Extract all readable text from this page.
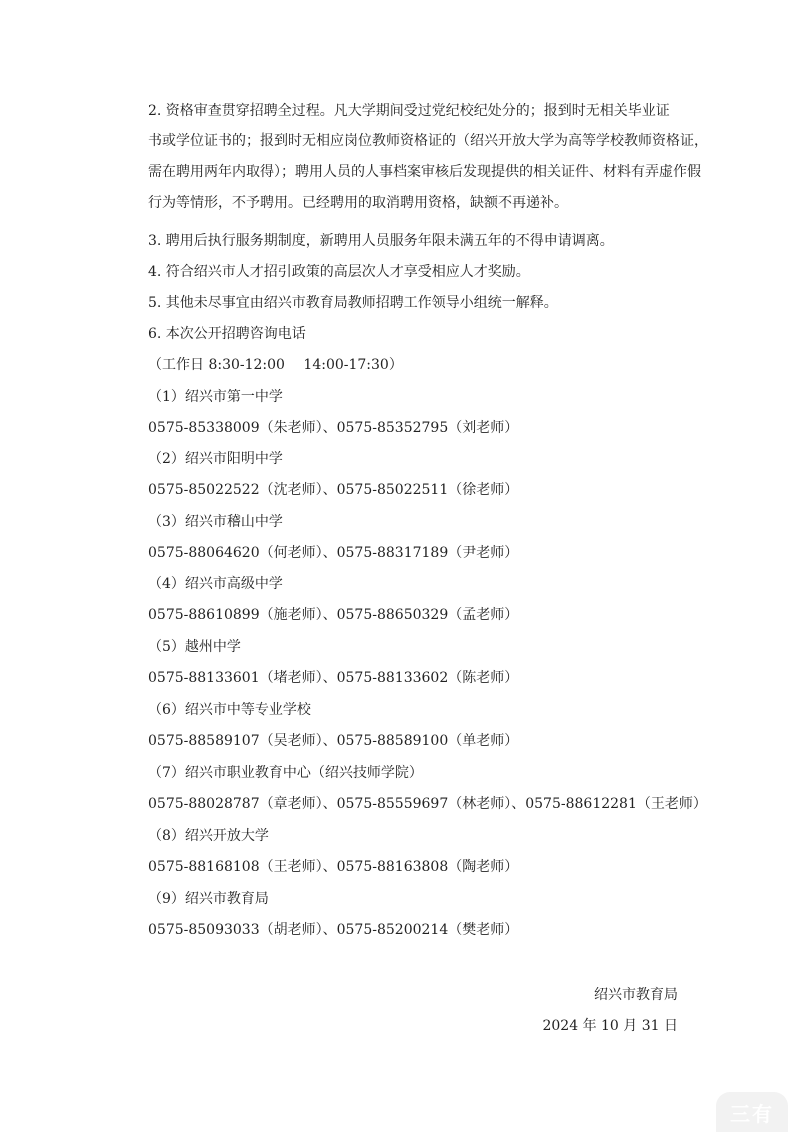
2. 资格审查贯穿招聘全过程。凡大学期间受过党纪校纪处分的；报到时无相关毕业证
书或学位证书的；报到时无相应岗位教师资格证的（绍兴开放大学为高等学校教师资格证，
需在聘用两年内取得）；聘用人员的人事档案审核后发现提供的相关证件、材料有弄虚作假
行为等情形，不予聘用。已经聘用的取消聘用资格，缺额不再递补。
3. 聘用后执行服务期制度，新聘用人员服务年限未满五年的不得申请调离。
4. 符合绍兴市人才招引政策的高层次人才享受相应人才奖励。
5. 其他未尽事宜由绍兴市教育局教师招聘工作领导小组统一解释。
6. 本次公开招聘咨询电话
（工作日 8:30-12:00　 14:00-17:30）
（1）绍兴市第一中学
0575-85338009（朱老师）、0575-85352795（刘老师）
（2）绍兴市阳明中学
0575-85022522（沈老师）、0575-85022511（徐老师）
（3）绍兴市稽山中学
0575-88064620（何老师）、0575-88317189（尹老师）
（4）绍兴市高级中学
0575-88610899（施老师）、0575-88650329（孟老师）
（5）越州中学
0575-88133601（堵老师）、0575-88133602（陈老师）
（6）绍兴市中等专业学校
0575-88589107（吴老师）、0575-88589100（单老师）
（7）绍兴市职业教育中心（绍兴技师学院）
0575-88028787（章老师）、0575-85559697（林老师）、0575-88612281（王老师）
（8）绍兴开放大学
0575-88168108（王老师）、0575-88163808（陶老师）
（9）绍兴市教育局
0575-85093033（胡老师）、0575-85200214（樊老师）
绍兴市教育局
2024 年 10 月 31 日
三有
